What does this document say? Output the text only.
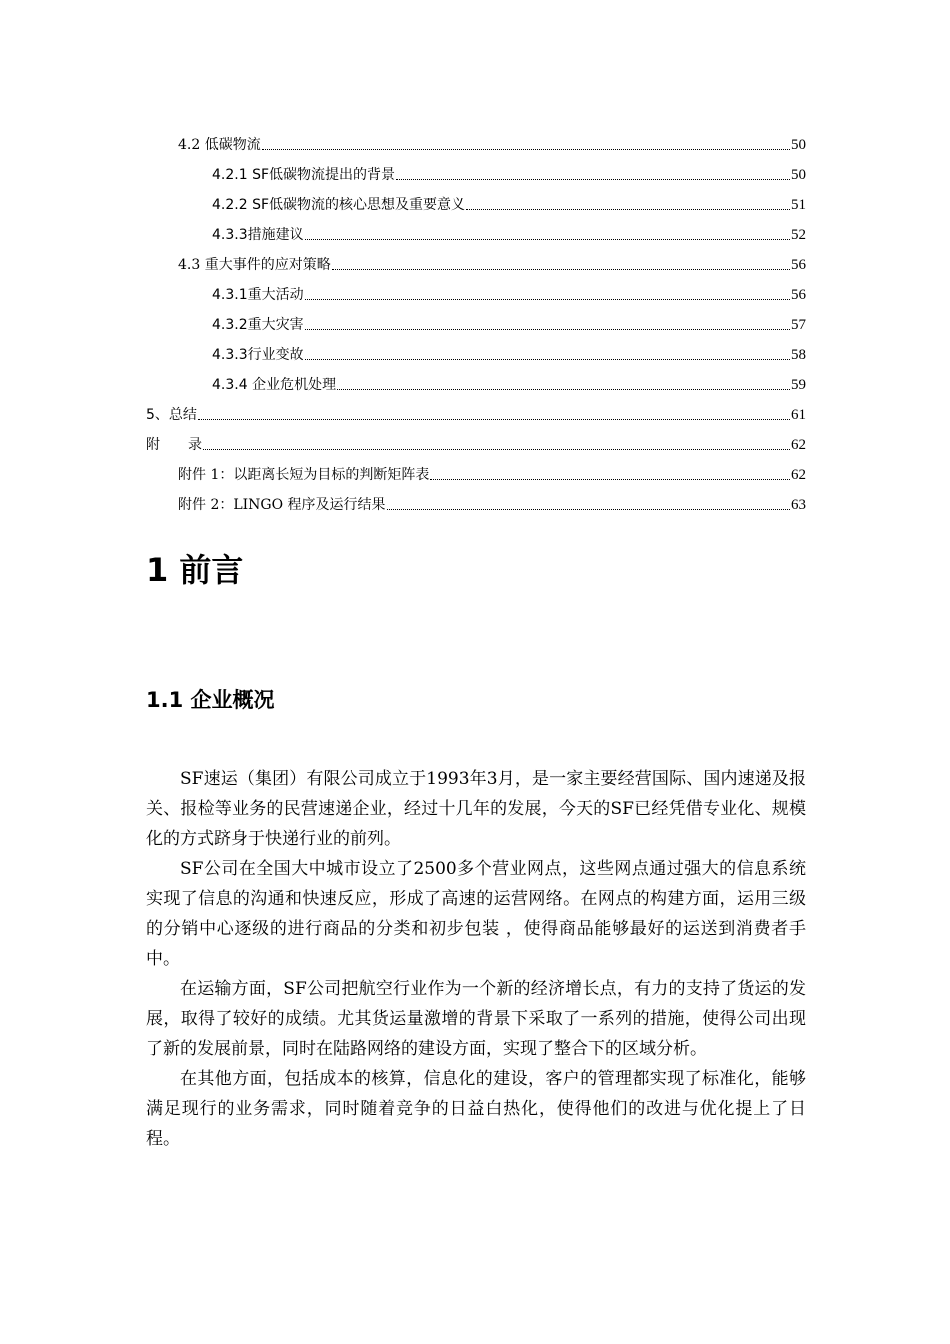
4.2 低碳物流	50
4.2.1 SF低碳物流提出的背景	50
4.2.2 SF低碳物流的核心思想及重要意义	51
4.3.3措施建议	52
4.3 重大事件的应对策略	56
4.3.1重大活动	56
4.3.2重大灾害	57
4.3.3行业变故	58
4.3.4 企业危机处理	59
5、总结	61
附　　录	62
附件 1：以距离长短为目标的判断矩阵表	62
附件 2：LINGO 程序及运行结果	63
1 前言
1.1 企业概况

SF速运（集团）有限公司成立于1993年3月，是一家主要经营国际、国内速递及报关、报检等业务的民营速递企业，经过十几年的发展，今天的SF已经凭借专业化、规模化的方式跻身于快递行业的前列。

SF公司在全国大中城市设立了2500多个营业网点，这些网点通过强大的信息系统实现了信息的沟通和快速反应，形成了高速的运营网络。在网点的构建方面，运用三级的分销中心逐级的进行商品的分类和初步包装 ，使得商品能够最好的运送到消费者手中。

在运输方面，SF公司把航空行业作为一个新的经济增长点，有力的支持了货运的发展，取得了较好的成绩。尤其货运量激增的背景下采取了一系列的措施，使得公司出现了新的发展前景，同时在陆路网络的建设方面，实现了整合下的区域分析。

在其他方面，包括成本的核算，信息化的建设，客户的管理都实现了标准化，能够满足现行的业务需求，同时随着竞争的日益白热化，使得他们的改进与优化提上了日程。
